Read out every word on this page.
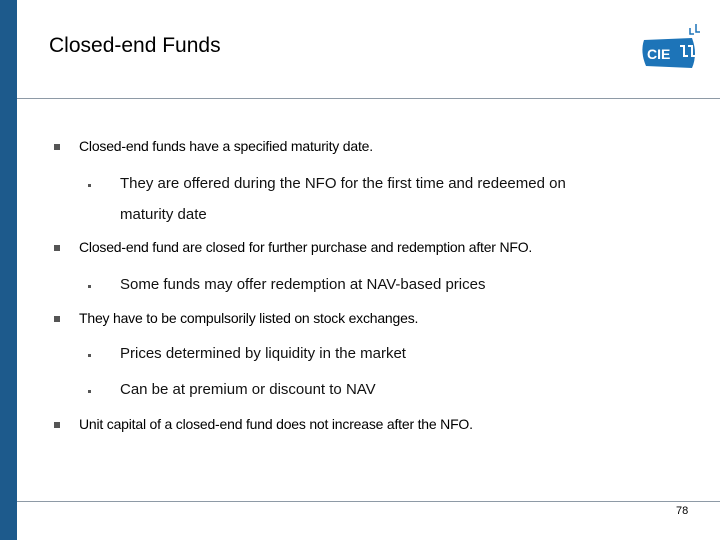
Closed-end Funds	CIE
Closed-end funds have a specified maturity date.
They are offered during the NFO for the first time and redeemed on
maturity date
Closed-end fund are closed for further purchase and redemption after NFO.
Some funds may offer redemption at NAV-based prices
They have to be compulsorily listed on stock exchanges.
Prices determined by liquidity in the market
Can be at premium or discount to NAV
Unit capital of a closed-end fund does not increase after the NFO.
78
